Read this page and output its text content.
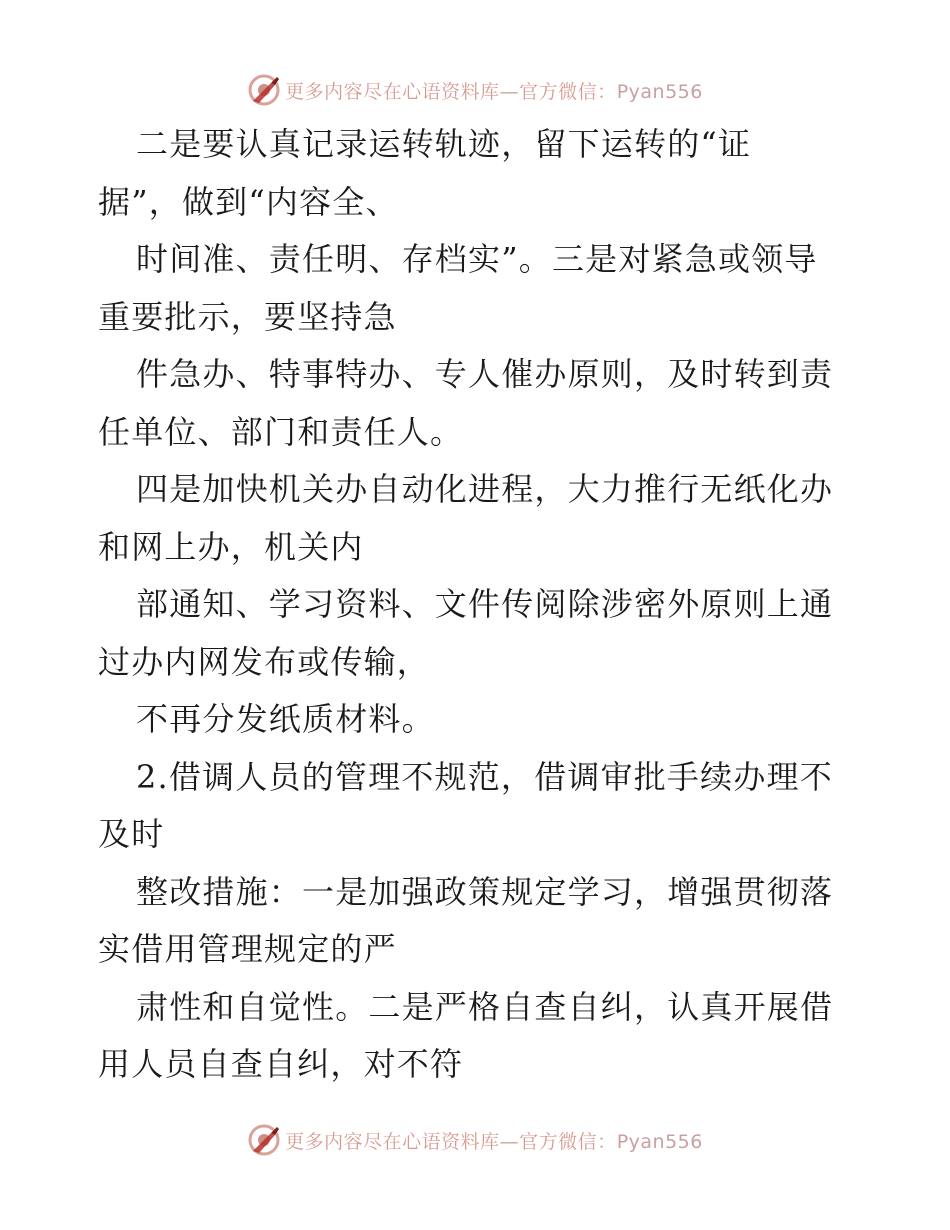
更多内容尽在心语资料库—官方微信：Pyan556
二是要认真记录运转轨迹，留下运转的“证
据”，做到“内容全、
时间准、责任明、存档实”。三是对紧急或领导
重要批示，要坚持急
件急办、特事特办、专人催办原则，及时转到责
任单位、部门和责任人。
四是加快机关办自动化进程，大力推行无纸化办
和网上办，机关内
部通知、学习资料、文件传阅除涉密外原则上通
过办内网发布或传输，
不再分发纸质材料。
2.借调人员的管理不规范，借调审批手续办理不
及时
整改措施：一是加强政策规定学习，增强贯彻落
实借用管理规定的严
肃性和自觉性。二是严格自查自纠，认真开展借
用人员自查自纠，对不符
更多内容尽在心语资料库—官方微信：Pyan556
